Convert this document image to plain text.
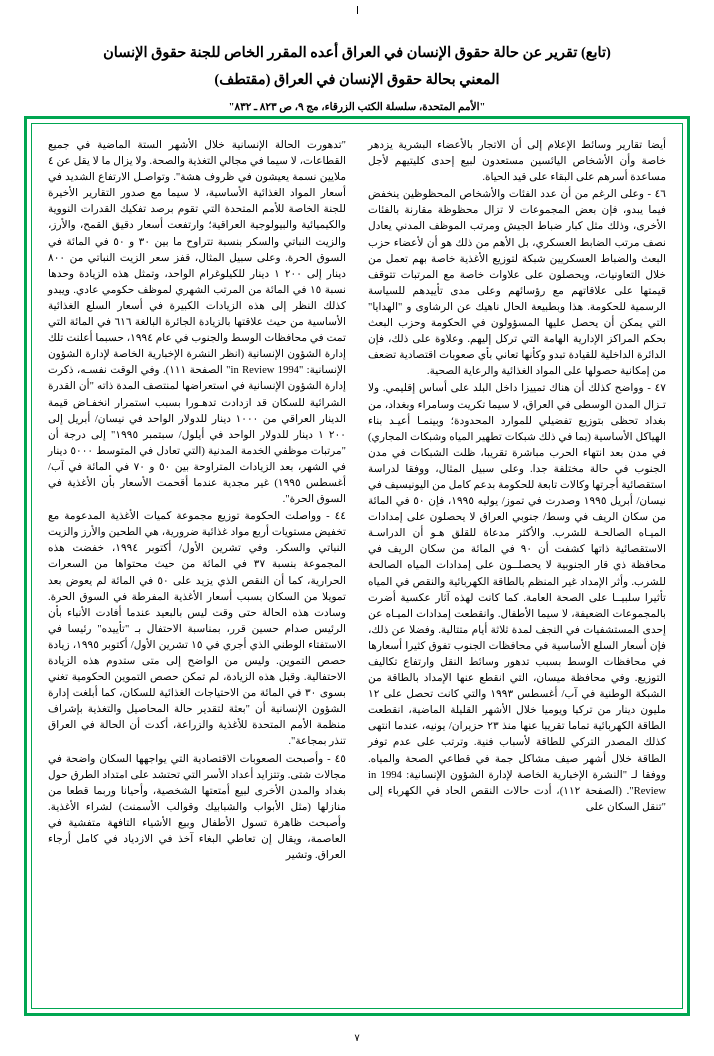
(تابع) تقرير عن حالة حقوق الإنسان في العراق أعده المقرر الخاص للجنة حقوق الإنسان
المعني بحالة حقوق الإنسان في العراق (مقتطف)
"الأمم المتحدة، سلسلة الكتب الزرقاء، مج ٩، ص ٨٢٣ ـ ٨٣٢"

أيضا تقارير وسائط الإعلام إلى أن الاتجار بالأعضاء البشرية يزدهر خاصة وأن الأشخاص اليائسين مستعدون لبيع إحدى كليتيهم لأجل مساعدة أسرهم على البقاء على قيد الحياة.

٤٦ - وعلى الرغم من أن عدد الفئات والأشخاص المحظوظين ينخفض فيما يبدو، فإن بعض المجموعات لا تزال محظوظة مقارنة بالفئات الأخرى، وذلك مثل كبار ضباط الجيش ومرتب الموظف المدني يعادل نصف مرتب الضابط العسكري، بل الأهم من ذلك هو أن لأعضاء حزب البعث والضباط العسكريين شبكة لتوزيع الأغذية خاصة بهم تعمل من خلال التعاونيات، ويحصلون على علاوات خاصة مع المرتبات تتوقف قيمتها على علاقاتهم مع رؤسائهم وعلى مدى تأييدهم للسياسة الرسمية للحكومة. هذا وبطبيعة الحال ناهيك عن الرشاوى و "الهدايا" التي يمكن أن يحصل عليها المسؤولون في الحكومة وحزب البعث بحكم المراكز الإدارية الهامة التي تركل إليهم. وعلاوة على ذلك، فإن الدائرة الداخلية للقيادة تبدو وكأنها تعاني بأي صعوبات اقتصادية تضعف من إمكانية حصولها على المواد الغذائية والرعاية الصحية.

٤٧ - وواضح كذلك أن هناك تمييزا داخل البلد على أساس إقليمي. ولا تـزال المدن الوسطى في العراق، لا سيما تكريت وسامراء وبغداد، من بغداد تحظى بتوزيع تفضيلي للموارد المحدودة؛ وبينمـا أعيـد بناء الهياكل الأساسية (بما في ذلك شبكات تطهير المياه وشبكات المجاري) في مدن بعد انتهاء الحرب مباشرة تقريبا، ظلت الشبكات في مدن الجنوب في حالة مختلفة جدا. وعلى سبيل المثال، ووفقا لدراسة استقصائية أجرتها وكالات تابعة للحكومة بدعم كامل من اليونيسيف في نيسان/ أبريل ١٩٩٥ وصدرت في تموز/ يوليه ١٩٩٥، فإن ٥٠ في المائة من سكان الريف في وسط/ جنوبي العراق لا يحصلون على إمدادات الميـاه الصالحـة للشرب. والأكثر مدعاة للقلق هـو أن الدراسـة الاستقصائية ذاتها كشفت أن ٩٠ في المائة من سكان الريف في محافظة ذي قار الجنوبية لا يحصلــون على إمدادات المياه الصالحة للشرب. وأثر الإمداد غير المنظم بالطاقة الكهربائية والنقص في المياه تأثيرا سلبيــا على الصحة العامة. كما كانت لهذه آثار عكسية أضرت بالمجموعات الضعيفة، لا سيما الأطفال. وانقطعت إمدادات الميـاه عن إحدى المستشفيات في النجف لمدة ثلاثة أيام متتالية. وفضلا عن ذلك، فإن أسعار السلع الأساسية في محافظات الجنوب تفوق كثيرا أسعارها في محافظات الوسط بسبب تدهور وسائط النقل وارتفاع تكاليف التوزيع. وفي محافظة ميسان، التي انقطع عنها الإمداد بالطاقة من الشبكة الوطنية في آب/ أغسطس ١٩٩٣ والتي كانت تحصل على ١٢ مليون دينار من تركيا ويوميا خلال الأشهر القليلة الماضية، انقطعت الطاقة الكهربائية تماما تقريبا عنها منذ ٢٣ حزيران/ يونيه، عندما انتهى كذلك المصدر التركي للطاقة لأسباب فنية. وترتب على عدم توفر الطاقة خلال أشهر صيف مشاكل جمة في قطاعي الصحة والمياه. ووفقا لـ "النشرة الإخبارية الخاصة لإدارة الشؤون الإنسانية: 1994 in Review". (الصفحة ١١٢)، أدت حالات النقص الحاد في الكهرباء إلى "تنقل السكان على

"تدهورت الحالة الإنسانية خلال الأشهر الستة الماضية في جميع القطاعات، لا سيما في مجالي التغذية والصحة. ولا يزال ما لا يقل عن ٤ ملايين نسمة يعيشون في ظروف هشة". وتواصـل الارتفاع الشديد في أسعار المواد الغذائية الأساسية، لا سيما مع صدور التقارير الأخيرة للجنة الخاصة للأمم المتحدة التي تقوم برصد تفكيك القدرات النووية والكيميائية والبيولوجية العراقية؛ وارتفعت أسعار دقيق القمح، والأرز، والزيت النباتي والسكر بنسبة تتراوح ما بين ٣٠ و ٥٠ في المائة في السوق الحرة. وعلى سبيل المثال، قفز سعر الزيت النباتي من ٨٠٠ دينار إلى ٢٠٠ ١ دينار للكيلوغرام الواحد، وتمثل هذه الزيادة وحدها نسبة ١٥ في المائة من المرتب الشهري لموظف حكومي عادي. ويبدو كذلك النظر إلى هذه الزيادات الكبيرة في أسعار السلع الغذائية الأساسية من حيث علاقتها بالزيادة الجائرة البالغة ٦١٦ في المائة التي تمت في محافظات الوسط والجنوب في عام ١٩٩٤، حسبما أعلنت تلك إدارة الشؤون الإنسانية (انظر النشرة الإخبارية الخاصة لإدارة الشؤون الإنسانية: "1994 in Review" الصفحة ١١١). وفي الوقت نفسـه، ذكرت إدارة الشؤون الإنسانية في استعراضها لمنتصف المدة ذاته "أن القدرة الشرائية للسكان قد ازدادت تدهـورا بسبب استمرار انخفـاض قيمة الدينار العراقي من ١٠٠٠ دينار للدولار الواحد في نيسان/ أبريل إلى ٢٠٠ ١ دينار للدولار الواحد في أيلول/ سبتمبر ١٩٩٥" إلى درجة أن "مرتبات موظفي الخدمة المدنية (التي تعادل في المتوسط ٥٠٠٠ دينار في الشهر، بعد الزيادات المتراوحة بين ٥٠ و ٧٠ في المائة في آب/ أغسطس ١٩٩٥) غير مجدية عندما أقحمت الأسعار بأن الأغذية في السوق الحرة".

٤٤ - وواصلت الحكومة توزيع مجموعة كميات الأغذية المدعومة مع تخفيض مستويات أربع مواد غذائية ضرورية، هي الطحين والأرز والزيت النباتي والسكر. وفي تشرين الأول/ أكتوبر ١٩٩٤، خفضت هذه المجموعة بنسبة ٣٧ في المائة من حيث محتواها من السعرات الحرارية، كما أن النقص الذي يزيد على ٥٠ في المائة لم يعوض بعد تمويلا من السكان بسبب أسعار الأغذية المفرطة في السوق الحرة. وسادت هذه الحالة حتى وقت ليس بالبعيد عندما أفادت الأنباء بأن الرئيس صدام حسين قرر، بمناسبة الاحتفال بـ "تأييده" رئيسا في الاستفتاء الوطني الذي أجري في ١٥ تشرين الأول/ أكتوبر ١٩٩٥، زيادة حصص التموين. وليس من الواضح إلى متى ستدوم هذه الزيادة الاحتفالية. وقبل هذه الزيادة، لم تمكن حصص التموين الحكومية تغني بسوى ٣٠ في المائة من الاحتياجات الغذائية للسكان، كما أبلغت إدارة الشؤون الإنسانية أن "بعثة لتقدير حالة المحاصيل والتغذية بإشراف منظمة الأمم المتحدة للأغذية والزراعة، أكدت أن الحالة في العراق تنذر بمجاعة".

٤٥ - وأصبحت الصعوبات الاقتصادية التي يواجهها السكان واضحة في مجالات شتى. وتتزايد أعداد الأسر التي تحتشد على امتداد الطرق حول بغداد والمدن الأخرى لبيع أمتعتها الشخصية، وأحيانا وربما قطعا من منازلها (مثل الأبواب والشبابيك وقوالب الأسمنت) لشراء الأغذية. وأصبحت ظاهرة تسول الأطفال وبيع الأشياء التافهة متفشية في العاصمة، ويقال إن تعاطي البغاء آخذ في الازدياد في كامل أرجاء العراق. وتشير

٧
